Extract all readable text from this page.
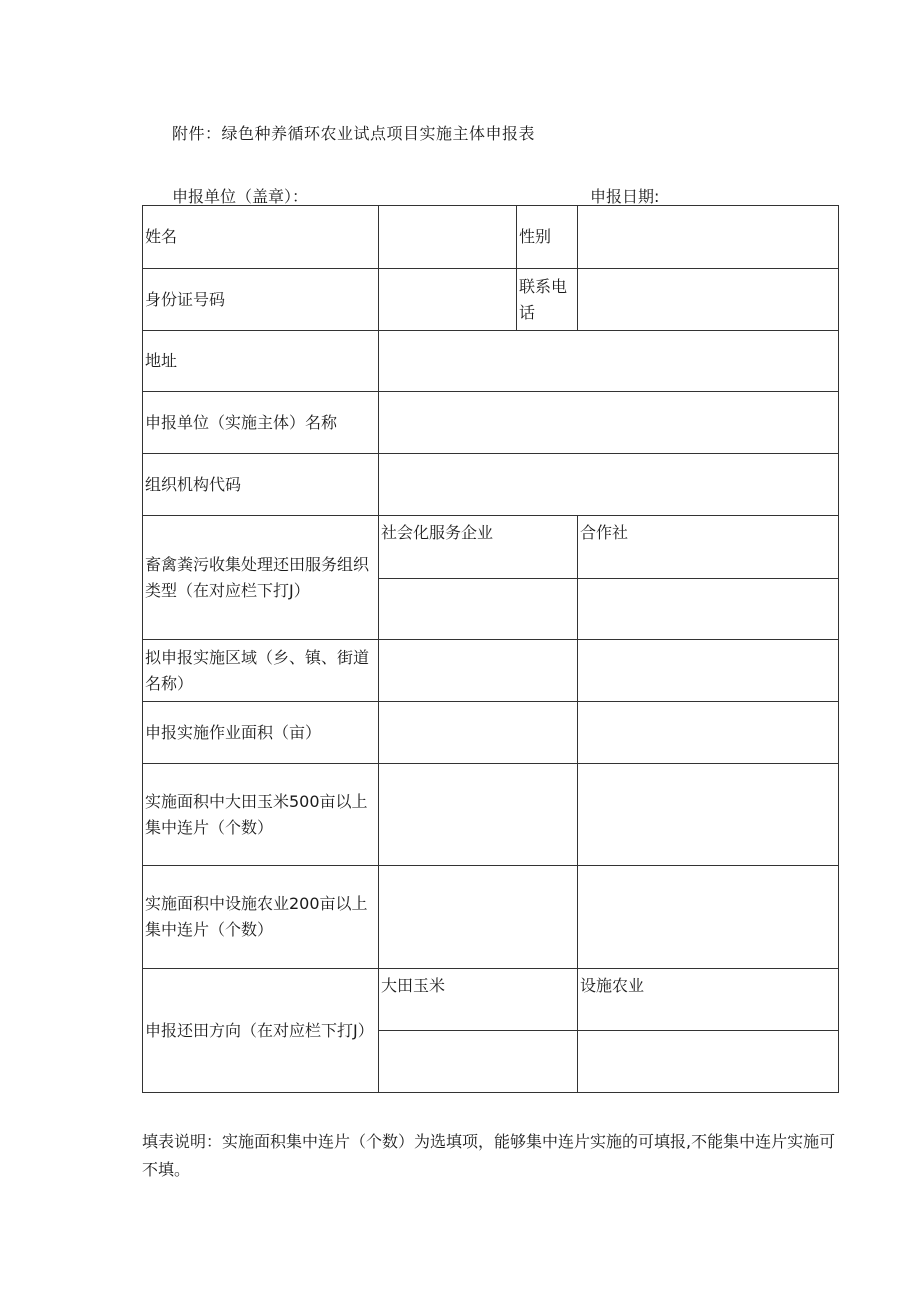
附件：绿色种养循环农业试点项目实施主体申报表
申报单位（盖章）：	申报日期:
姓名		性别	
身份证号码		联系电
话	
地址			
申报单位（实施主体）名称			
组织机构代码			
畜禽粪污收集处理还田服务组织类型（在对应栏下打J）	社会化服务企业		合作社

拟申报实施区域（乡、镇、街道名称）			
申报实施作业面积（亩）			
实施面积中大田玉米500亩以上集中连片（个数）			
实施面积中设施农业200亩以上集中连片（个数）			
申报还田方向（在对应栏下打J）	大田玉米		设施农业

填表说明：实施面积集中连片（个数）为选填项，能够集中连片实施的可填报,不能集中连片实施可不填。
